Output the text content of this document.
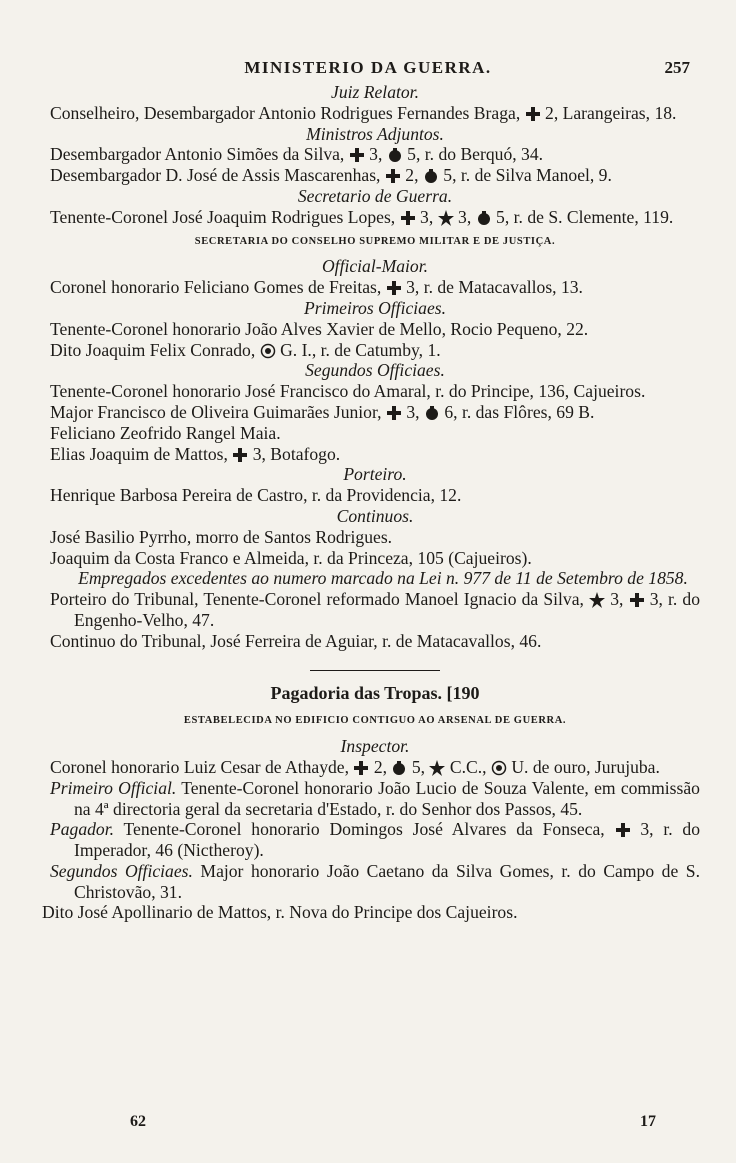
MINISTERIO DA GUERRA.	257

Juiz Relator.

Conselheiro, Desembargador Antonio Rodrigues Fernandes Braga, 2, Larangeiras, 18.

Ministros Adjuntos.

Desembargador Antonio Simões da Silva, 3, 5, r. do Berquó, 34.

Desembargador D. José de Assis Mascarenhas, 2, 5, r. de Silva Manoel, 9.

Secretario de Guerra.

Tenente-Coronel José Joaquim Rodrigues Lopes, 3, 3, 5, r. de S. Clemente, 119.

SECRETARIA DO CONSELHO SUPREMO MILITAR E DE JUSTIÇA.

Official-Maior.

Coronel honorario Feliciano Gomes de Freitas, 3, r. de Matacavallos, 13.

Primeiros Officiaes.

Tenente-Coronel honorario João Alves Xavier de Mello, Rocio Pequeno, 22.

Dito Joaquim Felix Conrado, G. I., r. de Catumby, 1.

Segundos Officiaes.

Tenente-Coronel honorario José Francisco do Amaral, r. do Principe, 136, Cajueiros.

Major Francisco de Oliveira Guimarães Junior, 3, 6, r. das Flôres, 69 B.

Feliciano Zeofrido Rangel Maia.

Elias Joaquim de Mattos, 3, Botafogo.

Porteiro.

Henrique Barbosa Pereira de Castro, r. da Providencia, 12.

Continuos.

José Basilio Pyrrho, morro de Santos Rodrigues.

Joaquim da Costa Franco e Almeida, r. da Princeza, 105 (Cajueiros).

Empregados excedentes ao numero marcado na Lei n. 977 de 11 de Setembro de 1858.

Porteiro do Tribunal, Tenente-Coronel reformado Manoel Ignacio da Silva, 3, 3, r. do Engenho-Velho, 47.

Continuo do Tribunal, José Ferreira de Aguiar, r. de Matacavallos, 46.

Pagadoria das Tropas. [190

ESTABELECIDA NO EDIFICIO CONTIGUO AO ARSENAL DE GUERRA.

Inspector.

Coronel honorario Luiz Cesar de Athayde, 2, 5, C.C., U. de ouro, Jurujuba.

Primeiro Official. Tenente-Coronel honorario João Lucio de Souza Valente, em commissão na 4ª directoria geral da secretaria d'Estado, r. do Senhor dos Passos, 45.

Pagador. Tenente-Coronel honorario Domingos José Alvares da Fonseca, 3, r. do Imperador, 46 (Nictheroy).

Segundos Officiaes. Major honorario João Caetano da Silva Gomes, r. do Campo de S. Christovão, 31.

Dito José Apollinario de Mattos, r. Nova do Principe dos Cajueiros.

62	17
